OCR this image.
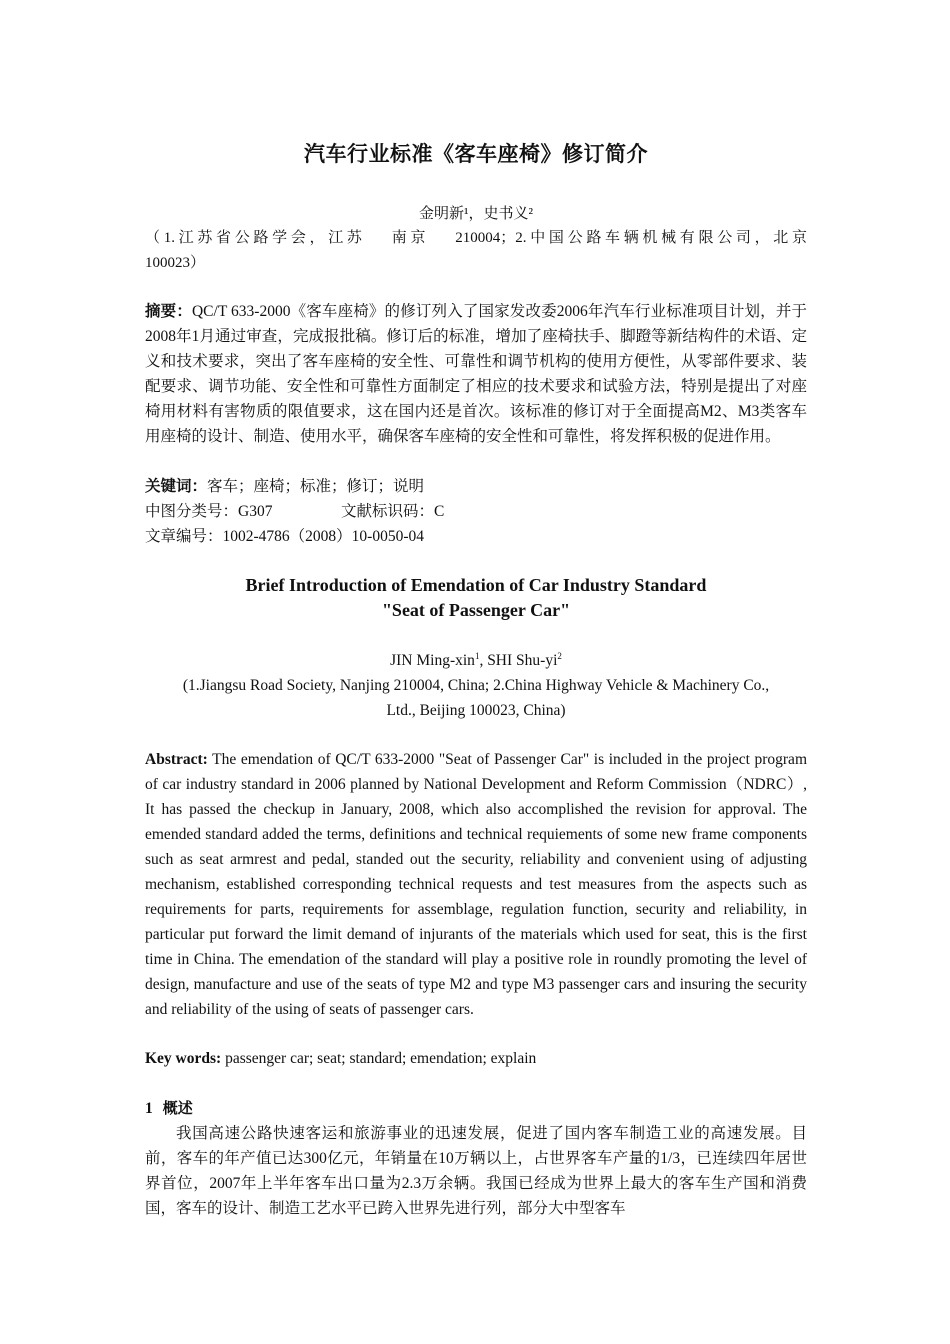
汽车行业标准《客车座椅》修订简介
金明新¹，史书义²
（1.江苏省公路学会，江苏　 南京　 210004；2.中国公路车辆机械有限公司，北京
100023）
摘要：QC/T 633-2000《客车座椅》的修订列入了国家发改委2006年汽车行业标准项目计划，并于2008年1月通过审查，完成报批稿。修订后的标准，增加了座椅扶手、脚蹬等新结构件的术语、定义和技术要求，突出了客车座椅的安全性、可靠性和调节机构的使用方便性，从零部件要求、装配要求、调节功能、安全性和可靠性方面制定了相应的技术要求和试验方法，特别是提出了对座椅用材料有害物质的限值要求，这在国内还是首次。该标准的修订对于全面提高M2、M3类客车用座椅的设计、制造、使用水平，确保客车座椅的安全性和可靠性，将发挥积极的促进作用。
关键词：客车；座椅；标准；修订；说明
中图分类号：G307	文献标识码：C
文章编号：1002-4786（2008）10-0050-04
Brief Introduction of Emendation of Car Industry Standard
"Seat of Passenger Car"
JIN Ming-xin$^1$, SHI Shu-$yi^2$
(1.Jiangsu Road Society, Nanjing 210004, China; 2.China Highway Vehicle & Machinery Co.,
Ltd., Beijing 100023, China)
Abstract: The emendation of QC/T 633-2000 "Seat of Passenger Car" is included in the project program of car industry standard in 2006 planned by National Development and Reform Commission（NDRC）, It has passed the checkup in January, 2008, which also accomplished the revision for approval. The emended standard added the terms, definitions and technical requiements of some new frame components such as seat armrest and pedal, standed out the security, reliability and convenient using of adjusting mechanism, established corresponding technical requests and test measures from the aspects such as requirements for parts, requirements for assemblage, regulation function, security and reliability, in particular put forward the limit demand of injurants of the materials which used for seat, this is the first time in China. The emendation of the standard will play a positive role in roundly promoting the level of design, manufacture and use of the seats of type M2 and type M3 passenger cars and insuring the security and reliability of the using of seats of passenger cars.
Key words: passenger car; seat; standard; emendation; explain
1 概述
我国高速公路快速客运和旅游事业的迅速发展，促进了国内客车制造工业的高速发展。目前，客车的年产值已达300亿元，年销量在10万辆以上，占世界客车产量的1/3，已连续四年居世界首位，2007年上半年客车出口量为2.3万余辆。我国已经成为世界上最大的客车生产国和消费国，客车的设计、制造工艺水平已跨入世界先进行列，部分大中型客车
